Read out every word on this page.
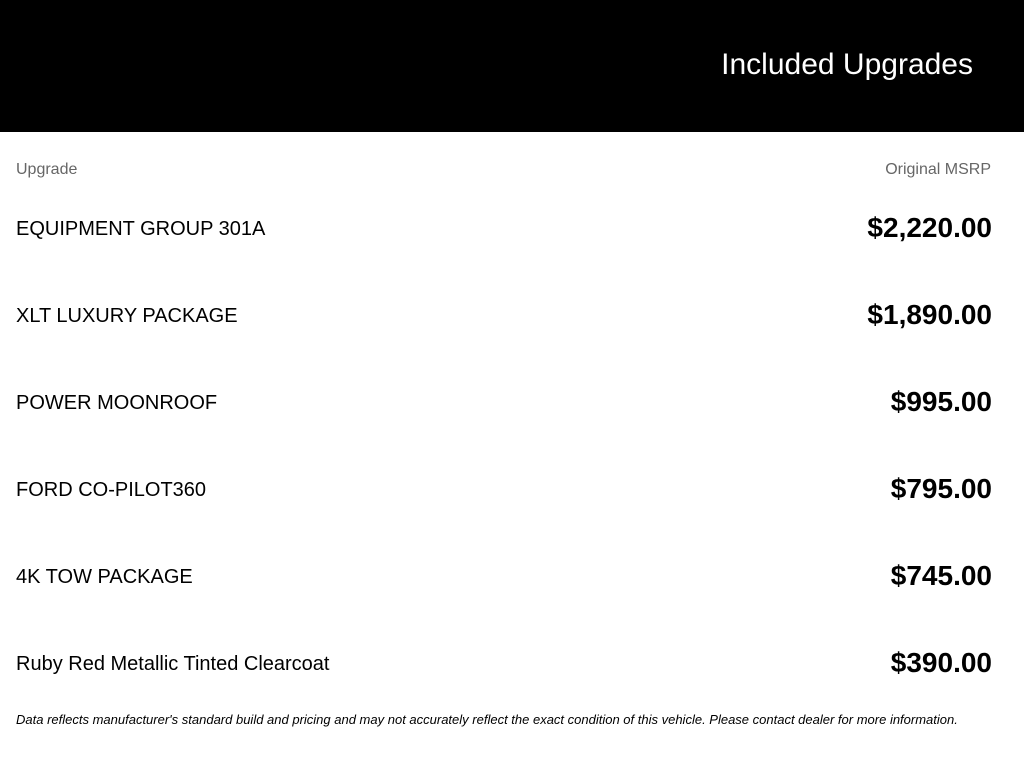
Included Upgrades
Upgrade	Original MSRP
EQUIPMENT GROUP 301A	$2,220.00
XLT LUXURY PACKAGE	$1,890.00
POWER MOONROOF	$995.00
FORD CO-PILOT360	$795.00
4K TOW PACKAGE	$745.00
Ruby Red Metallic Tinted Clearcoat	$390.00
Data reflects manufacturer's standard build and pricing and may not accurately reflect the exact condition of this vehicle. Please contact dealer for more information.
